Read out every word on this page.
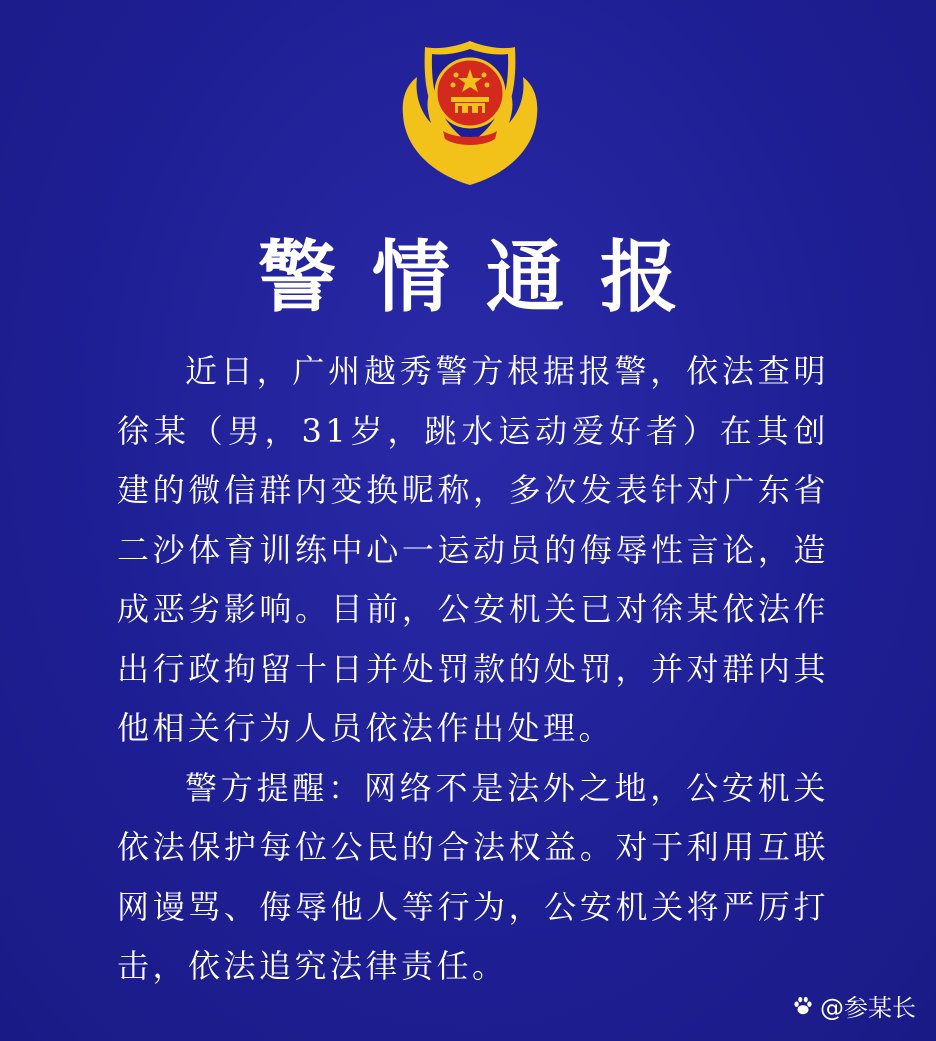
警情通报

近日，广州越秀警方根据报警，依法查明徐某（男，31岁，跳水运动爱好者）在其创建的微信群内变换昵称，多次发表针对广东省二沙体育训练中心一运动员的侮辱性言论，造成恶劣影响。目前，公安机关已对徐某依法作出行政拘留十日并处罚款的处罚，并对群内其他相关行为人员依法作出处理。

警方提醒：网络不是法外之地，公安机关依法保护每位公民的合法权益。对于利用互联网谩骂、侮辱他人等行为，公安机关将严厉打击，依法追究法律责任。

@参某长
